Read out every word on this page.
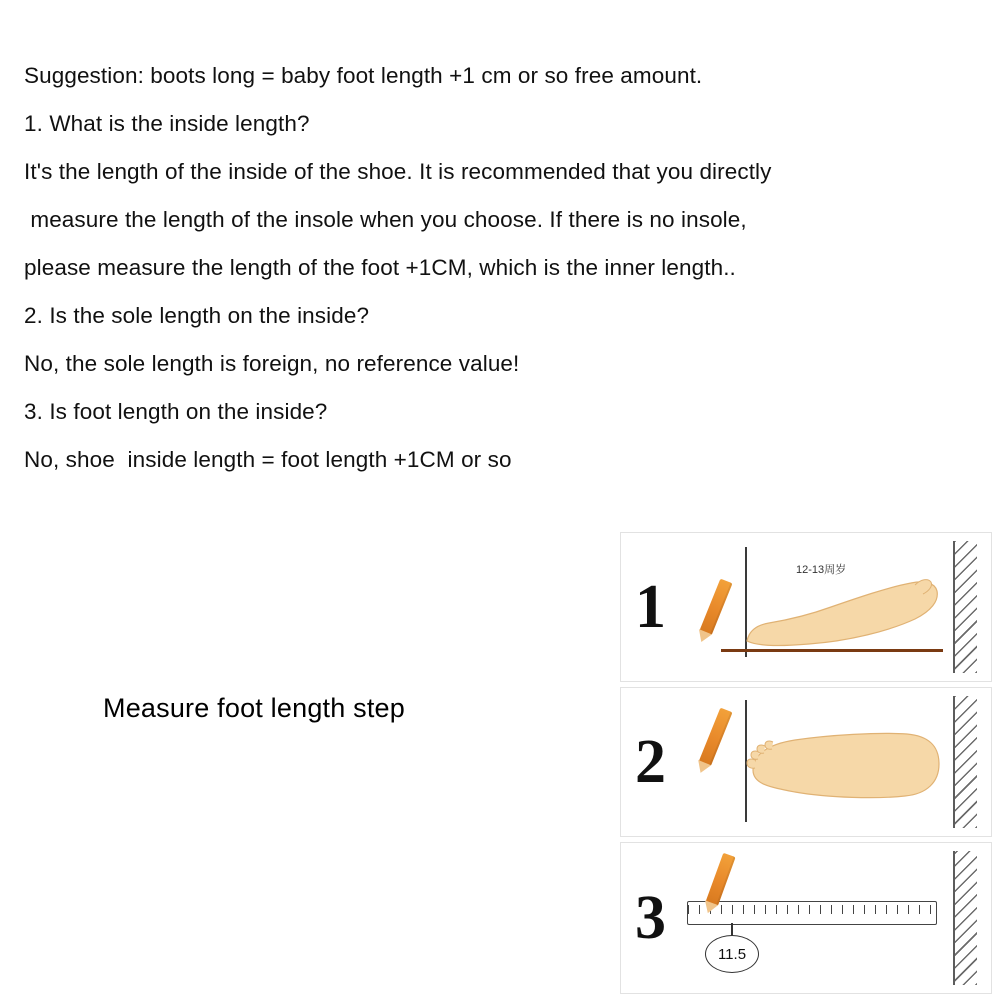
Suggestion: boots long = baby foot length +1 cm or so free amount.
1. What is the inside length?
It's the length of the inside of the shoe. It is recommended that you directly
measure the length of the insole when you choose. If there is no insole,
please measure the length of the foot +1CM, which is the inner length..
2. Is the sole length on the inside?
No, the sole length is foreign, no reference value!
3. Is foot length on the inside?
No, shoe  inside length = foot length +1CM or so
Measure foot length step
1
12-13周岁
2
3
11.5
